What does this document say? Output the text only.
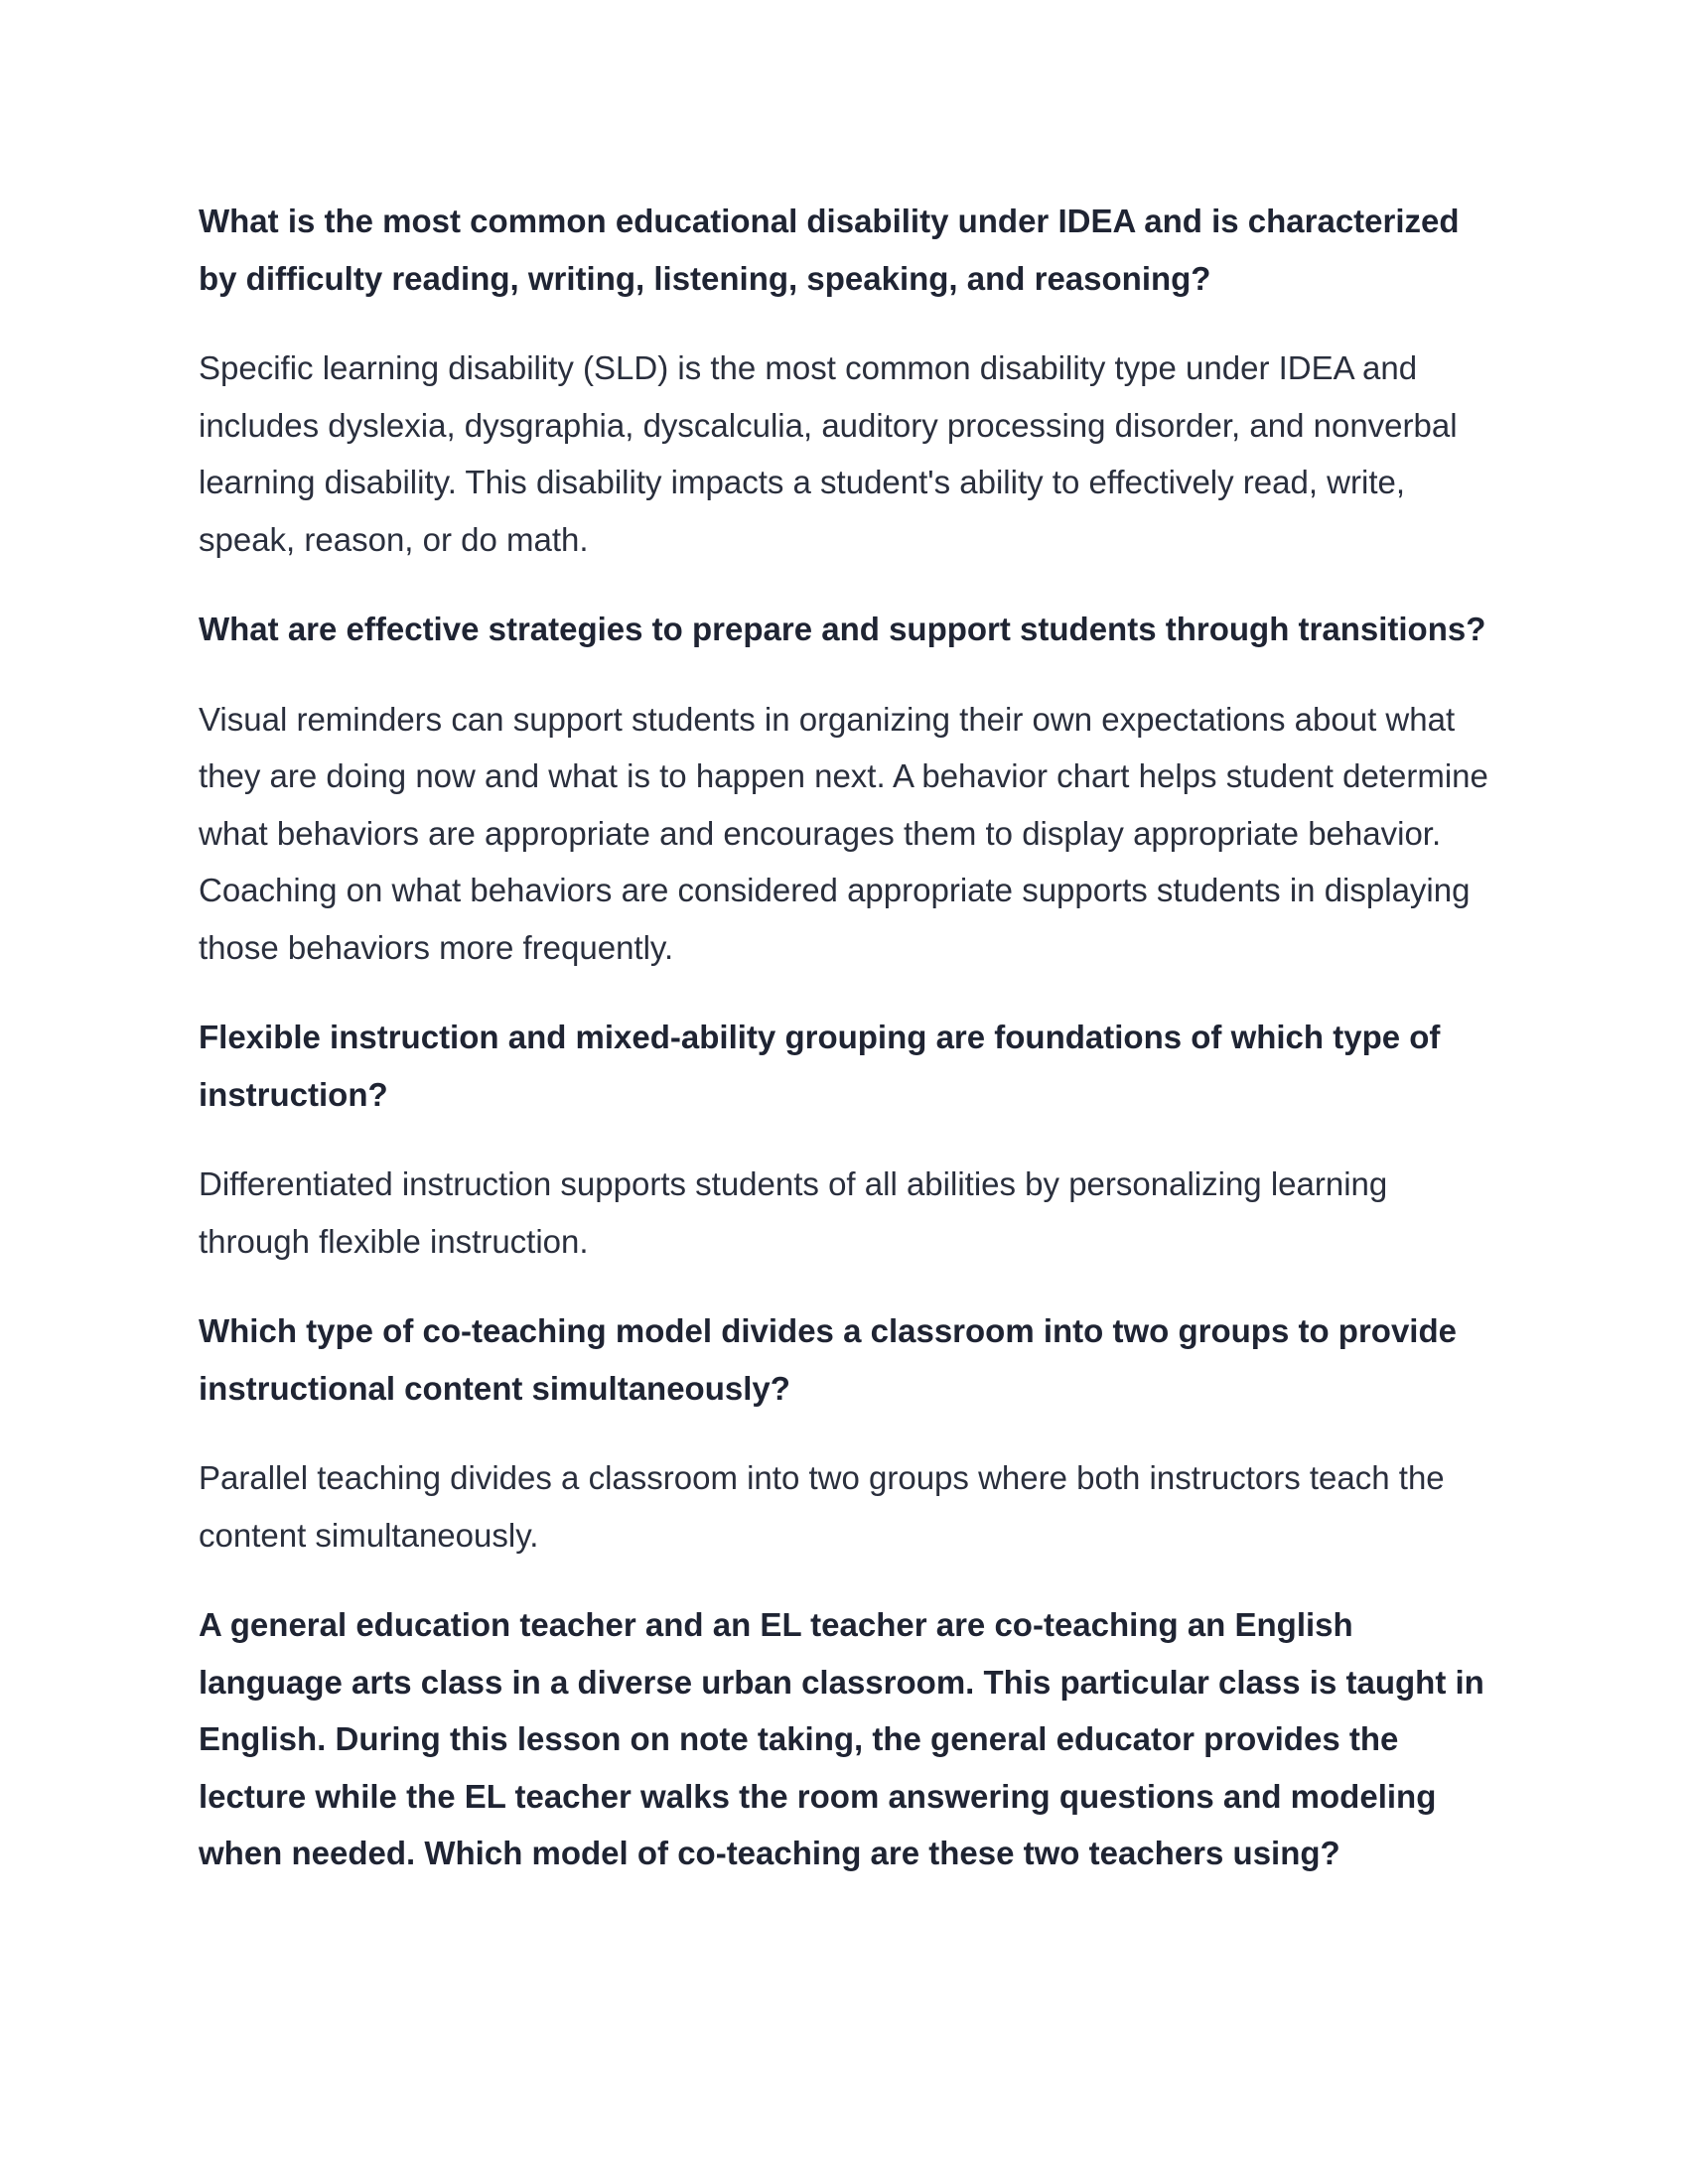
What is the most common educational disability under IDEA and is characterized by difficulty reading, writing, listening, speaking, and reasoning?

Specific learning disability (SLD) is the most common disability type under IDEA and includes dyslexia, dysgraphia, dyscalculia, auditory processing disorder, and nonverbal learning disability. This disability impacts a student's ability to effectively read, write, speak, reason, or do math.

What are effective strategies to prepare and support students through transitions?

Visual reminders can support students in organizing their own expectations about what they are doing now and what is to happen next. A behavior chart helps student determine what behaviors are appropriate and encourages them to display appropriate behavior. Coaching on what behaviors are considered appropriate supports students in displaying those behaviors more frequently.

Flexible instruction and mixed-ability grouping are foundations of which type of instruction?

Differentiated instruction supports students of all abilities by personalizing learning through flexible instruction.

Which type of co-teaching model divides a classroom into two groups to provide instructional content simultaneously?

Parallel teaching divides a classroom into two groups where both instructors teach the content simultaneously.

A general education teacher and an EL teacher are co-teaching an English language arts class in a diverse urban classroom. This particular class is taught in English. During this lesson on note taking, the general educator provides the lecture while the EL teacher walks the room answering questions and modeling when needed. Which model of co-teaching are these two teachers using?
